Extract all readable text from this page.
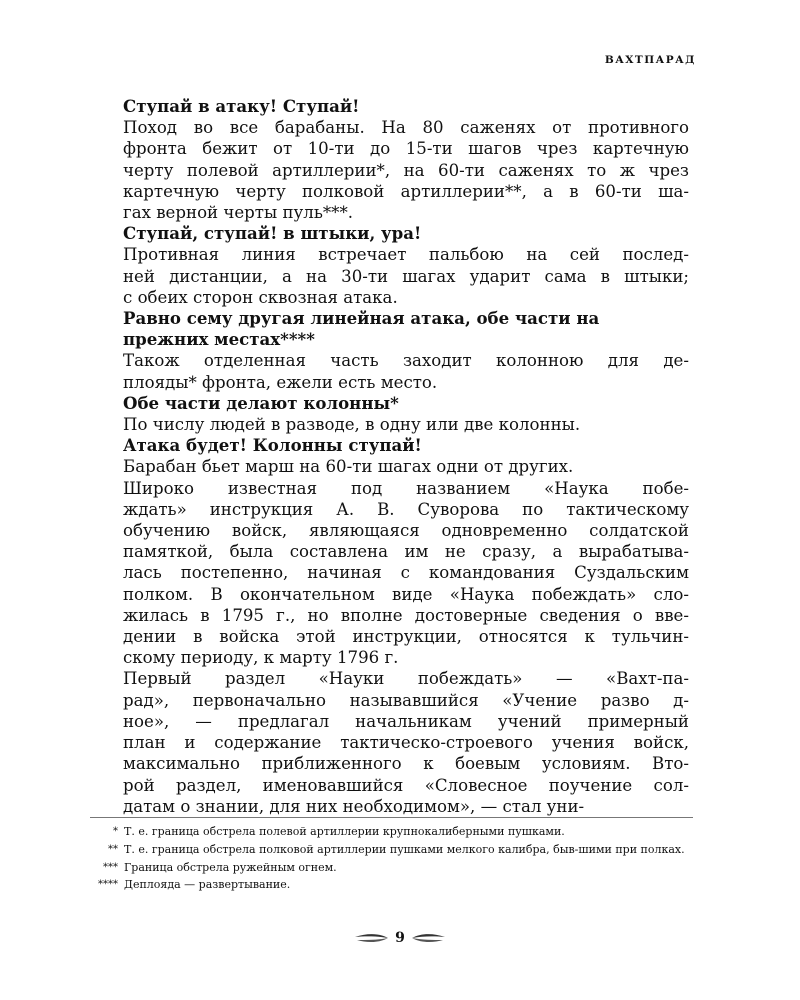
ВАХТПАРАД

Ступай в атаку! Ступай!

Поход во все барабаны. На 80 саженях от противного

фронта бежит от 10-ти до 15-ти шагов чрез картечную

черту полевой артиллерии*, на 60-ти саженях то ж чрез

картечную черту полковой артиллерии**, а в 60-ти ша-

гах верной черты пуль***.

Ступай, ступай! в штыки, ура!

Противная линия встречает пальбою на сей послед-

ней дистанции, а на 30-ти шагах ударит сама в штыки;

с обеих сторон сквозная атака.

Равно сему другая линейная атака, обе части на

прежних местах****

Також отделенная часть заходит колонною для де-

плояды* фронта, ежели есть место.

Обе части делают колонны*

По числу людей в разводе, в одну или две колонны.

Атака будет! Колонны ступай!

Барабан бьет марш на 60-ти шагах одни от других.

Широко известная под названием «Наука побе-

ждать» инструкция А. В. Суворова по тактическому

обучению войск, являющаяся одновременно солдатской

памяткой, была составлена им не сразу, а вырабатыва-

лась постепенно, начиная с командования Суздальским

полком. В окончательном виде «Наука побеждать» сло-

жилась в 1795 г., но вполне достоверные сведения о вве-

дении в войска этой инструкции, относятся к тульчин-

скому периоду, к марту 1796 г.

Первый раздел «Науки побеждать» — «Вахт-па-

рад», первоначально называвшийся «Учение разво д-

ное», — предлагал начальникам учений примерный

план и содержание тактическо-строевого учения войск,

максимально приближенного к боевым условиям. Вто-

рой раздел, именовавшийся «Словесное поучение сол-

датам о знании, для них необходимом», — стал уни-

* Т. е. граница обстрела полевой артиллерии крупнокалиберными пушками.
** Т. е. граница обстрела полковой артиллерии пушками мелкого калибра, быв-шими при полках.
*** Граница обстрела ружейным огнем.
**** Деплояда — развертывание.
9
